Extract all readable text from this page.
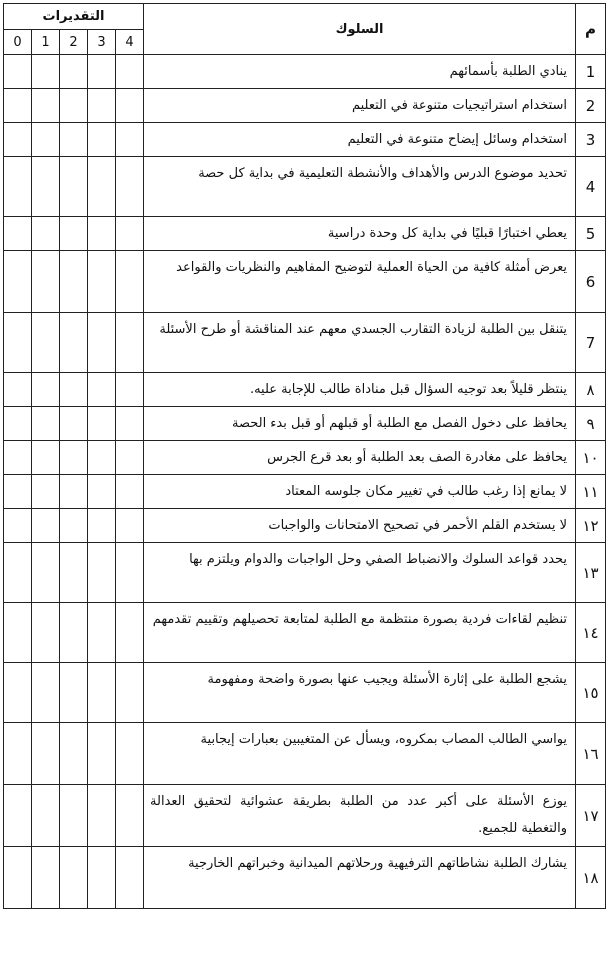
م	السلوك	التقديرات				
		4	3	2	1	0
1	ينادي الطلبة بأسمائهم					
2	استخدام استراتيجيات متنوعة في التعليم					
3	استخدام وسائل إيضاح متنوعة في التعليم					
4	تحديد موضوع الدرس والأهداف والأنشطة التعليمية في بداية كل حصة					
5	يعطي اختبارًا قبليًا في بداية كل وحدة دراسية					
6	يعرض أمثلة كافية من الحياة العملية لتوضيح المفاهيم والنظريات والقواعد					
7	يتنقل بين الطلبة لزيادة التقارب الجسدي معهم عند المناقشة أو طرح الأسئلة					
٨	ينتظر قليلاً بعد توجيه السؤال قبل مناداة طالب للإجابة عليه.					
٩	يحافظ على دخول الفصل مع الطلبة أو قبلهم أو قبل بدء الحصة					
١٠	يحافظ على مغادرة الصف بعد الطلبة أو بعد قرع الجرس					
١١	لا يمانع إذا رغب طالب في تغيير مكان جلوسه المعتاد					
١٢	لا يستخدم القلم الأحمر في تصحيح الامتحانات والواجبات					
١٣	يحدد قواعد السلوك والانضباط الصفي وحل الواجبات والدوام ويلتزم بها					
١٤	تنظيم لقاءات فردية بصورة منتظمة مع الطلبة لمتابعة تحصيلهم وتقييم تقدمهم					
١٥	يشجع الطلبة على إثارة الأسئلة ويجيب عنها بصورة واضحة ومفهومة					
١٦	يواسي الطالب المصاب بمكروه، ويسأل عن المتغيبين بعبارات إيجابية					
١٧	يوزع الأسئلة على أكبر عدد من الطلبة بطريقة عشوائية لتحقيق العدالة والتغطية للجميع.					
١٨	يشارك الطلبة نشاطاتهم الترفيهية ورحلاتهم الميدانية وخبراتهم الخارجية					
